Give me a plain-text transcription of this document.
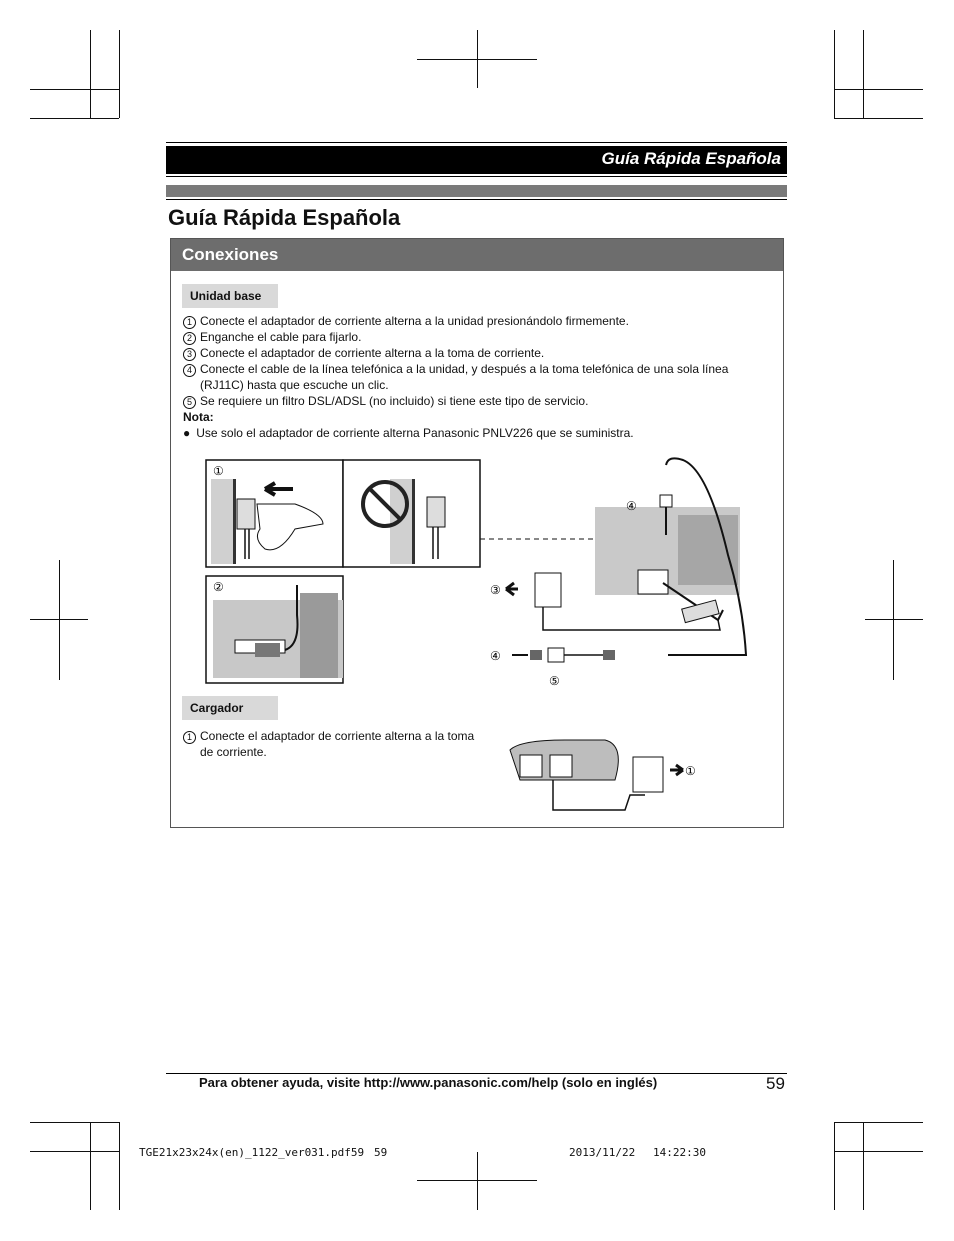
Guía Rápida Española
Guía Rápida Española
Conexiones
Unidad base
1 Conecte el adaptador de corriente alterna a la unidad presionándolo firmemente.
2 Enganche el cable para fijarlo.
3 Conecte el adaptador de corriente alterna a la toma de corriente.
4 Conecte el cable de la línea telefónica a la unidad, y después a la toma telefónica de una sola línea
(RJ11C) hasta que escuche un clic.
5 Se requiere un filtro DSL/ADSL (no incluido) si tiene este tipo de servicio.
Nota:
● Use solo el adaptador de corriente alterna Panasonic PNLV226 que se suministra.
①
②
④
③
④
⑤
Cargador
1 Conecte el adaptador de corriente alterna a la toma
de corriente.
①
Para obtener ayuda, visite http://www.panasonic.com/help (solo en inglés)	59
TGE21x23x24x(en)_1122_ver031.pdf59 59	2013/11/22 14:22:30
